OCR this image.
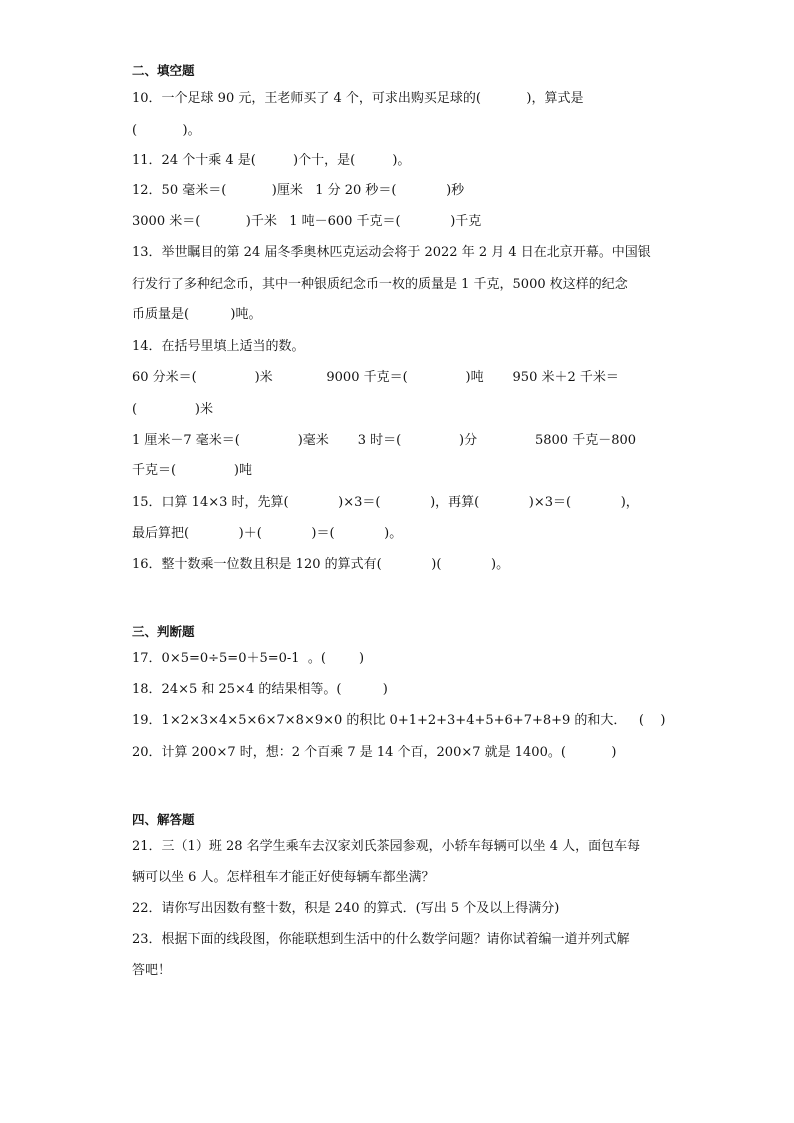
二、填空题
10．一个足球 90 元，王老师买了 4 个，可求出购买足球的(           )，算式是
(           )。
11．24 个十乘 4 是(         )个十，是(         )。
12．50 毫米＝(           )厘米   1 分 20 秒＝(            )秒
3000 米＝(           )千米   1 吨－600 千克＝(            )千克
13．举世瞩目的第 24 届冬季奥林匹克运动会将于 2022 年 2 月 4 日在北京开幕。中国银
行发行了多种纪念币，其中一种银质纪念币一枚的质量是 1 千克，5000 枚这样的纪念
币质量是(          )吨。
14．在括号里填上适当的数。
60 分米＝(              )米             9000 千克＝(              )吨       950 米＋2 千米＝
(              )米
1 厘米－7 毫米＝(              )毫米       3 时＝(              )分              5800 千克－800
千克＝(              )吨
15．口算 14×3 时，先算(            )×3＝(            )，再算(            )×3＝(            )，
最后算把(            )＋(            )＝(            )。
16．整十数乘一位数且积是 120 的算式有(            )(            )。
三、判断题
17．0×5=0÷5=0＋5=0-1  。(        )
18．24×5 和 25×4 的结果相等。(          )
19．1×2×3×4×5×6×7×8×9×0 的积比 0+1+2+3+4+5+6+7+8+9 的和大．   (    )
20．计算 200×7 时，想：2 个百乘 7 是 14 个百，200×7 就是 1400。(           )
四、解答题
21．三（1）班 28 名学生乘车去汉家刘氏茶园参观，小轿车每辆可以坐 4 人，面包车每
辆可以坐 6 人。怎样租车才能正好使每辆车都坐满？
22．请你写出因数有整十数，积是 240 的算式．(写出 5 个及以上得满分)
23．根据下面的线段图，你能联想到生活中的什么数学问题？请你试着编一道并列式解
答吧！
